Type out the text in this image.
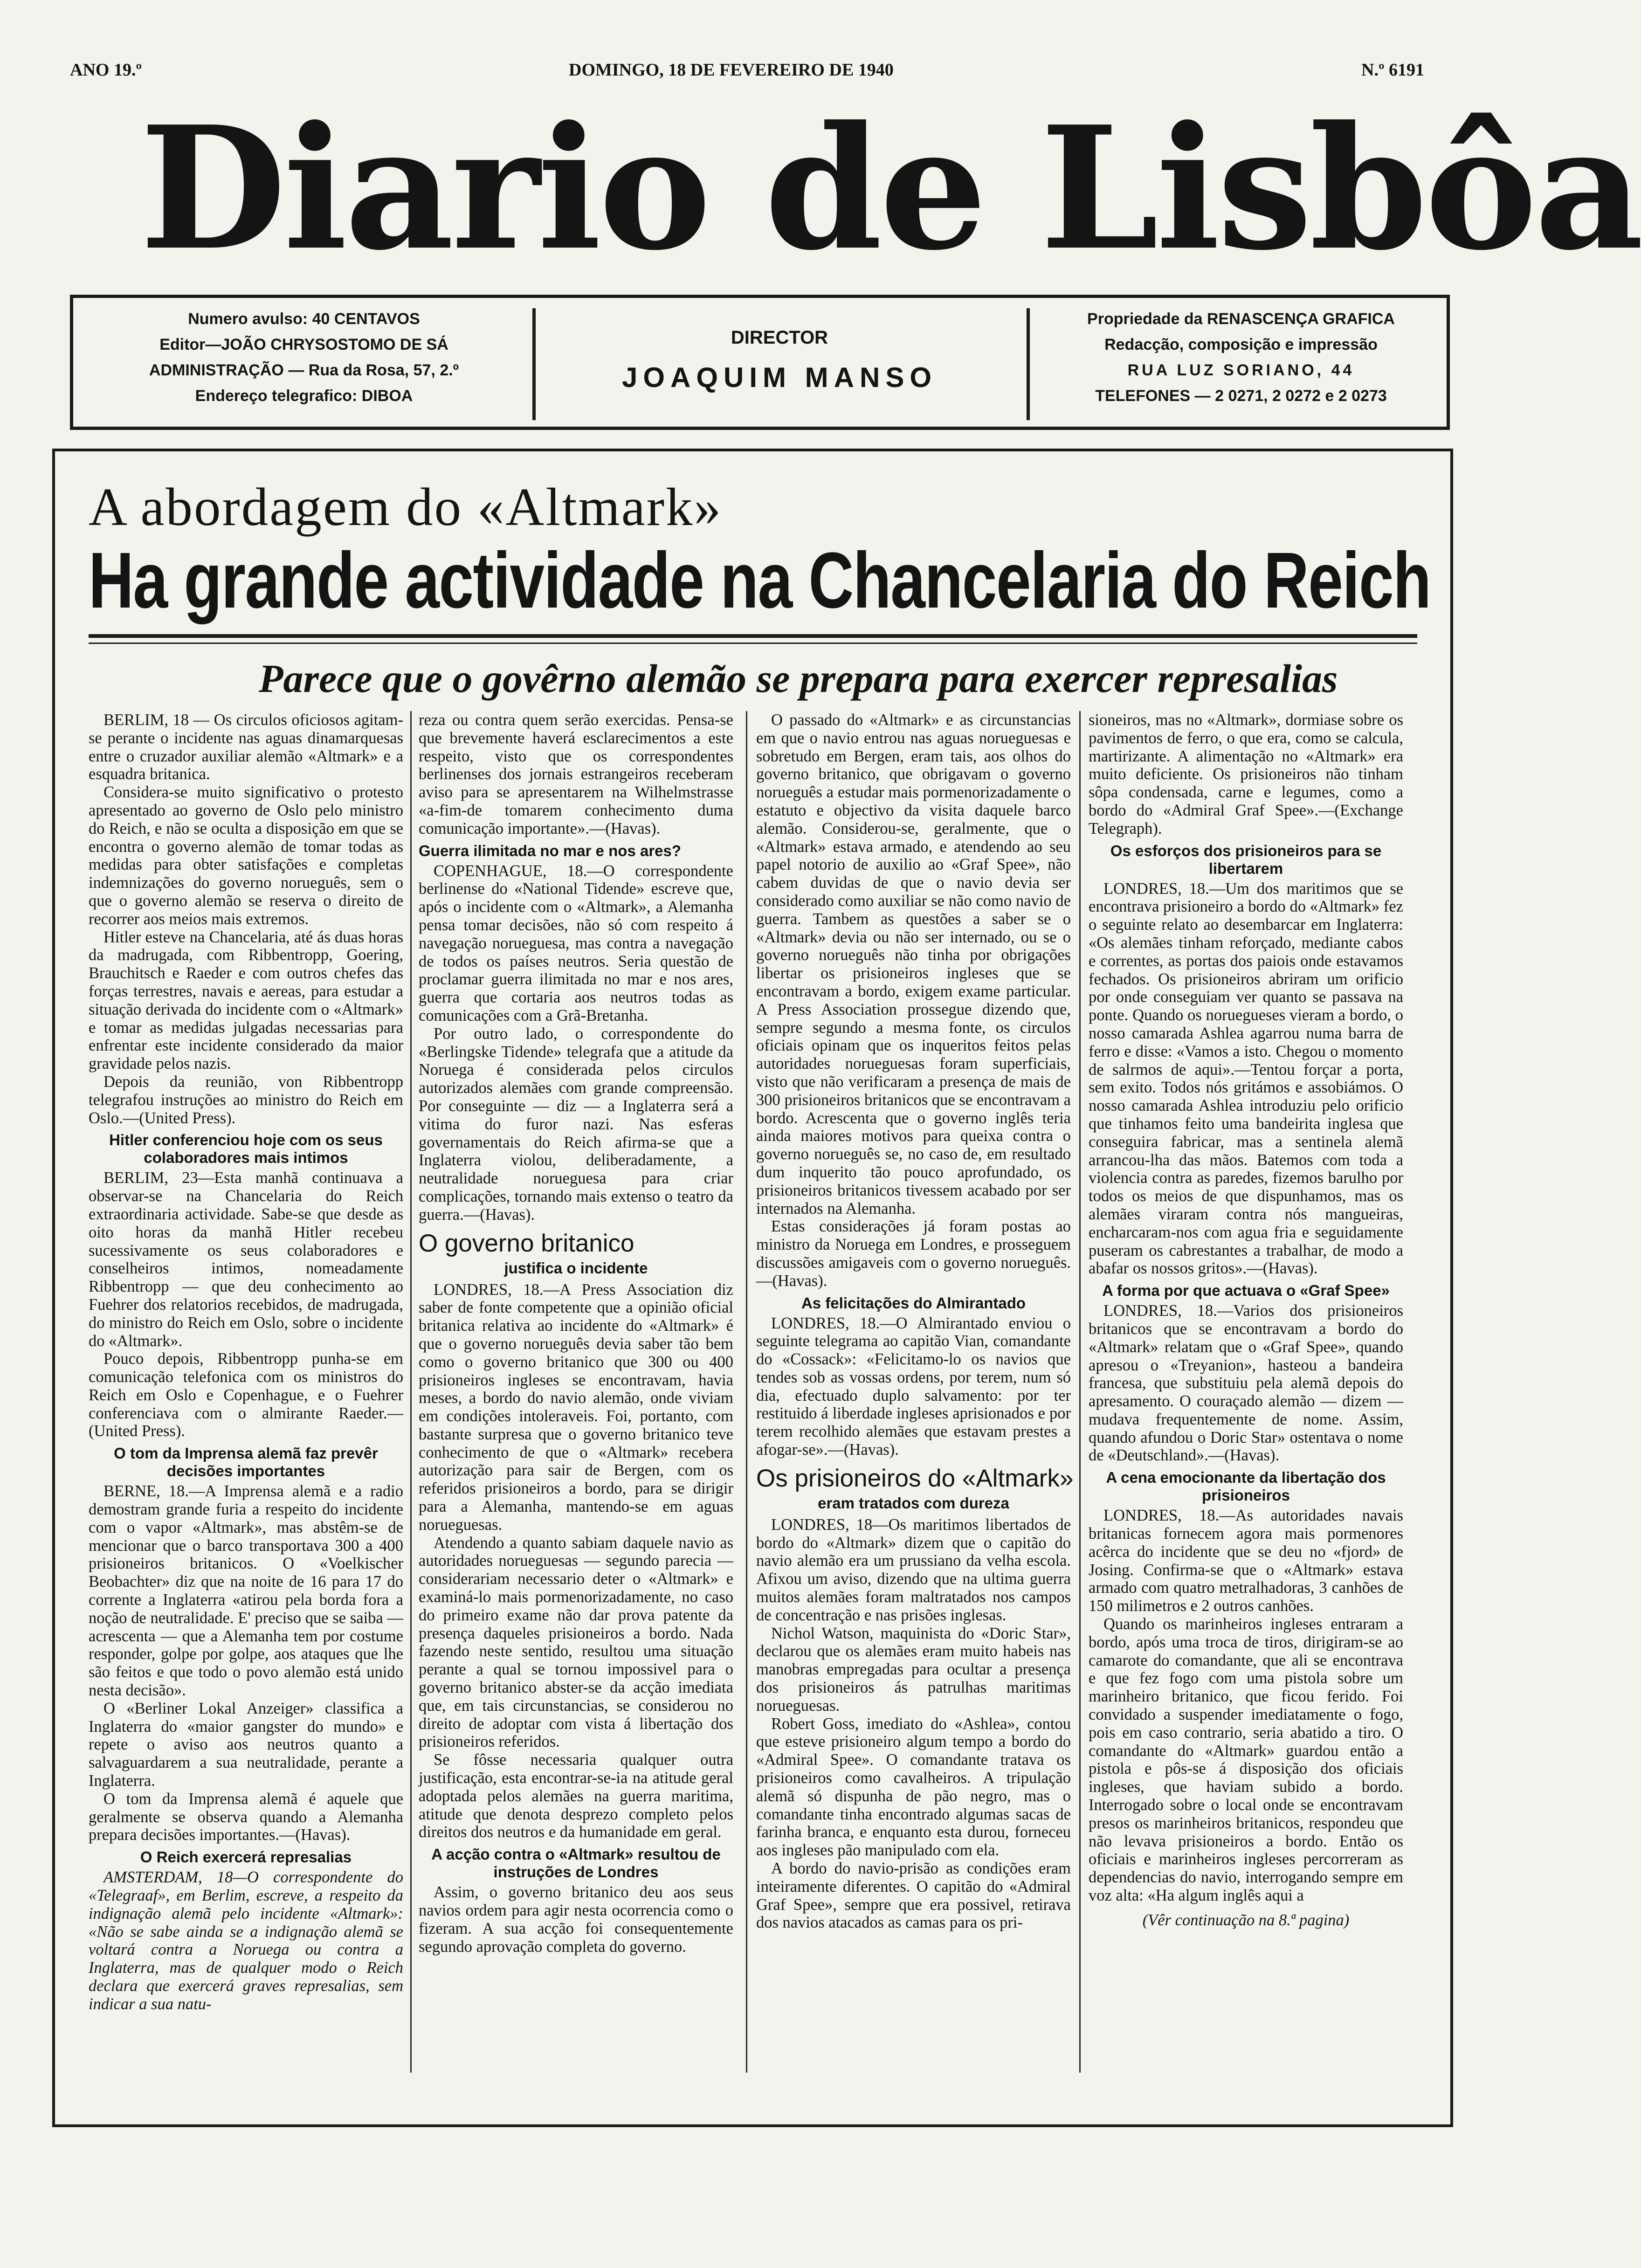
ANO 19.º	DOMINGO, 18 DE FEVEREIRO DE 1940	N.º 6191
Diario de Lisbôa
Numero avulso: 40 CENTAVOS
Editor—JOÃO CHRYSOSTOMO DE SÁ
ADMINISTRAÇÃO — Rua da Rosa, 57, 2.º
Endereço telegrafico: DIBOA
DIRECTOR
JOAQUIM MANSO
Propriedade da RENASCENÇA GRAFICA
Redacção, composição e impressão
RUA LUZ SORIANO, 44
TELEFONES — 2 0271, 2 0272 e 2 0273
A abordagem do «Altmark»
Ha grande actividade na Chancelaria do Reich
Parece que o govêrno alemão se prepara para exercer represalias

BERLIM, 18 — Os circulos oficiosos agitam-se perante o incidente nas aguas dinamarquesas entre o cruzador auxiliar alemão «Altmark» e a esquadra britanica.

Considera-se muito significativo o protesto apresentado ao governo de Oslo pelo ministro do Reich, e não se oculta a disposição em que se encontra o governo alemão de tomar todas as medidas para obter satisfações e completas indemnizações do governo norueguês, sem o que o governo alemão se reserva o direito de recorrer aos meios mais extremos.

Hitler esteve na Chancelaria, até ás duas horas da madrugada, com Ribbentropp, Goering, Brauchitsch e Raeder e com outros chefes das forças terrestres, navais e aereas, para estudar a situação derivada do incidente com o «Altmark» e tomar as medidas julgadas necessarias para enfrentar este incidente considerado da maior gravidade pelos nazis.

Depois da reunião, von Ribbentropp telegrafou instruções ao ministro do Reich em Oslo.—(United Press).

Hitler conferenciou hoje com os seus colaboradores mais intimos

BERLIM, 23—Esta manhã continuava a observar-se na Chancelaria do Reich extraordinaria actividade. Sabe-se que desde as oito horas da manhã Hitler recebeu sucessivamente os seus colaboradores e conselheiros intimos, nomeadamente Ribbentropp — que deu conhecimento ao Fuehrer dos relatorios recebidos, de madrugada, do ministro do Reich em Oslo, sobre o incidente do «Altmark».

Pouco depois, Ribbentropp punha-se em comunicação telefonica com os ministros do Reich em Oslo e Copenhague, e o Fuehrer conferenciava com o almirante Raeder.—(United Press).

O tom da Imprensa alemã faz prevêr decisões importantes

BERNE, 18.—A Imprensa alemã e a radio demostram grande furia a respeito do incidente com o vapor «Altmark», mas abstêm-se de mencionar que o barco transportava 300 a 400 prisioneiros britanicos. O «Voelkischer Beobachter» diz que na noite de 16 para 17 do corrente a Inglaterra «atirou pela borda fora a noção de neutralidade. E' preciso que se saiba — acrescenta — que a Alemanha tem por costume responder, golpe por golpe, aos ataques que lhe são feitos e que todo o povo alemão está unido nesta decisão».

O «Berliner Lokal Anzeiger» classifica a Inglaterra do «maior gangster do mundo» e repete o aviso aos neutros quanto a salvaguardarem a sua neutralidade, perante a Inglaterra.

O tom da Imprensa alemã é aquele que geralmente se observa quando a Alemanha prepara decisões importantes.—(Havas).

O Reich exercerá represalias

AMSTERDAM, 18—O correspondente do «Telegraaf», em Berlim, escreve, a respeito da indignação alemã pelo incidente «Altmark»: «Não se sabe ainda se a indignação alemã se voltará contra a Noruega ou contra a Inglaterra, mas de qualquer modo o Reich declara que exercerá graves represalias, sem indicar a sua natu-

reza ou contra quem serão exercidas. Pensa-se que brevemente haverá esclarecimentos a este respeito, visto que os correspondentes berlinenses dos jornais estrangeiros receberam aviso para se apresentarem na Wilhelmstrasse «a-fim-de tomarem conhecimento duma comunicação importante».—(Havas).

Guerra ilimitada no mar e nos ares?

COPENHAGUE, 18.—O correspondente berlinense do «National Tidende» escreve que, após o incidente com o «Altmark», a Alemanha pensa tomar decisões, não só com respeito á navegação norueguesa, mas contra a navegação de todos os países neutros. Seria questão de proclamar guerra ilimitada no mar e nos ares, guerra que cortaria aos neutros todas as comunicações com a Grã-Bretanha.

Por outro lado, o correspondente do «Berlingske Tidende» telegrafa que a atitude da Noruega é considerada pelos circulos autorizados alemães com grande compreensão. Por conseguinte — diz — a Inglaterra será a vitima do furor nazi. Nas esferas governamentais do Reich afirma-se que a Inglaterra violou, deliberadamente, a neutralidade norueguesa para criar complicações, tornando mais extenso o teatro da guerra.—(Havas).

O governo britanico
justifica o incidente

LONDRES, 18.—A Press Association diz saber de fonte competente que a opinião oficial britanica relativa ao incidente do «Altmark» é que o governo norueguês devia saber tão bem como o governo britanico que 300 ou 400 prisioneiros ingleses se encontravam, havia meses, a bordo do navio alemão, onde viviam em condições intoleraveis. Foi, portanto, com bastante surpresa que o governo britanico teve conhecimento de que o «Altmark» recebera autorização para sair de Bergen, com os referidos prisioneiros a bordo, para se dirigir para a Alemanha, mantendo-se em aguas norueguesas.

Atendendo a quanto sabiam daquele navio as autoridades norueguesas — segundo parecia — considerariam necessario deter o «Altmark» e examiná-lo mais pormenorizadamente, no caso do primeiro exame não dar prova patente da presença daqueles prisioneiros a bordo. Nada fazendo neste sentido, resultou uma situação perante a qual se tornou impossivel para o governo britanico abster-se da acção imediata que, em tais circunstancias, se considerou no direito de adoptar com vista á libertação dos prisioneiros referidos.

Se fôsse necessaria qualquer outra justificação, esta encontrar-se-ia na atitude geral adoptada pelos alemães na guerra maritima, atitude que denota desprezo completo pelos direitos dos neutros e da humanidade em geral.

A acção contra o «Altmark» resultou de instruções de Londres

Assim, o governo britanico deu aos seus navios ordem para agir nesta ocorrencia como o fizeram. A sua acção foi consequentemente segundo aprovação completa do governo.

O passado do «Altmark» e as circunstancias em que o navio entrou nas aguas norueguesas e sobretudo em Bergen, eram tais, aos olhos do governo britanico, que obrigavam o governo norueguês a estudar mais pormenorizadamente o estatuto e objectivo da visita daquele barco alemão. Considerou-se, geralmente, que o «Altmark» estava armado, e atendendo ao seu papel notorio de auxilio ao «Graf Spee», não cabem duvidas de que o navio devia ser considerado como auxiliar se não como navio de guerra. Tambem as questões a saber se o «Altmark» devia ou não ser internado, ou se o governo norueguês não tinha por obrigações libertar os prisioneiros ingleses que se encontravam a bordo, exigem exame particular. A Press Association prossegue dizendo que, sempre segundo a mesma fonte, os circulos oficiais opinam que os inqueritos feitos pelas autoridades norueguesas foram superficiais, visto que não verificaram a presença de mais de 300 prisioneiros britanicos que se encontravam a bordo. Acrescenta que o governo inglês teria ainda maiores motivos para queixa contra o governo norueguês se, no caso de, em resultado dum inquerito tão pouco aprofundado, os prisioneiros britanicos tivessem acabado por ser internados na Alemanha.

Estas considerações já foram postas ao ministro da Noruega em Londres, e prosseguem discussões amigaveis com o governo norueguês.—(Havas).

As felicitações do Almirantado

LONDRES, 18.—O Almirantado enviou o seguinte telegrama ao capitão Vian, comandante do «Cossack»: «Felicitamo-lo os navios que tendes sob as vossas ordens, por terem, num só dia, efectuado duplo salvamento: por ter restituido á liberdade ingleses aprisionados e por terem recolhido alemães que estavam prestes a afogar-se».—(Havas).

Os prisioneiros do «Altmark»
eram tratados com dureza

LONDRES, 18—Os maritimos libertados de bordo do «Altmark» dizem que o capitão do navio alemão era um prussiano da velha escola. Afixou um aviso, dizendo que na ultima guerra muitos alemães foram maltratados nos campos de concentração e nas prisões inglesas.

Nichol Watson, maquinista do «Doric Star», declarou que os alemães eram muito habeis nas manobras empregadas para ocultar a presença dos prisioneiros ás patrulhas maritimas norueguesas.

Robert Goss, imediato do «Ashlea», contou que esteve prisioneiro algum tempo a bordo do «Admiral Spee». O comandante tratava os prisioneiros como cavalheiros. A tripulação alemã só dispunha de pão negro, mas o comandante tinha encontrado algumas sacas de farinha branca, e enquanto esta durou, forneceu aos ingleses pão manipulado com ela.

A bordo do navio-prisão as condições eram inteiramente diferentes. O capitão do «Admiral Graf Spee», sempre que era possivel, retirava dos navios atacados as camas para os pri-

sioneiros, mas no «Altmark», dormiase sobre os pavimentos de ferro, o que era, como se calcula, martirizante. A alimentação no «Altmark» era muito deficiente. Os prisioneiros não tinham sôpa condensada, carne e legumes, como a bordo do «Admiral Graf Spee».—(Exchange Telegraph).

Os esforços dos prisioneiros para se libertarem

LONDRES, 18.—Um dos maritimos que se encontrava prisioneiro a bordo do «Altmark» fez o seguinte relato ao desembarcar em Inglaterra: «Os alemães tinham reforçado, mediante cabos e correntes, as portas dos paiois onde estavamos fechados. Os prisioneiros abriram um orificio por onde conseguiam ver quanto se passava na ponte. Quando os noruegueses vieram a bordo, o nosso camarada Ashlea agarrou numa barra de ferro e disse: «Vamos a isto. Chegou o momento de salrmos de aqui».—Tentou forçar a porta, sem exito. Todos nós gritámos e assobiámos. O nosso camarada Ashlea introduziu pelo orificio que tinhamos feito uma bandeirita inglesa que conseguira fabricar, mas a sentinela alemã arrancou-lha das mãos. Batemos com toda a violencia contra as paredes, fizemos barulho por todos os meios de que dispunhamos, mas os alemães viraram contra nós mangueiras, encharcaram-nos com agua fria e seguidamente puseram os cabrestantes a trabalhar, de modo a abafar os nossos gritos».—(Havas).

A forma por que actuava o «Graf Spee»

LONDRES, 18.—Varios dos prisioneiros britanicos que se encontravam a bordo do «Altmark» relatam que o «Graf Spee», quando apresou o «Treyanion», hasteou a bandeira francesa, que substituiu pela alemã depois do apresamento. O couraçado alemão — dizem — mudava frequentemente de nome. Assim, quando afundou o Doric Star» ostentava o nome de «Deutschland».—(Havas).

A cena emocionante da libertação dos prisioneiros

LONDRES, 18.—As autoridades navais britanicas fornecem agora mais pormenores acêrca do incidente que se deu no «fjord» de Josing. Confirma-se que o «Altmark» estava armado com quatro metralhadoras, 3 canhões de 150 milimetros e 2 outros canhões.

Quando os marinheiros ingleses entraram a bordo, após uma troca de tiros, dirigiram-se ao camarote do comandante, que ali se encontrava e que fez fogo com uma pistola sobre um marinheiro britanico, que ficou ferido. Foi convidado a suspender imediatamente o fogo, pois em caso contrario, seria abatido a tiro. O comandante do «Altmark» guardou então a pistola e pôs-se á disposição dos oficiais ingleses, que haviam subido a bordo. Interrogado sobre o local onde se encontravam presos os marinheiros britanicos, respondeu que não levava prisioneiros a bordo. Então os oficiais e marinheiros ingleses percorreram as dependencias do navio, interrogando sempre em voz alta: «Ha algum inglês aqui a

(Vêr continuação na 8.ª pagina)
